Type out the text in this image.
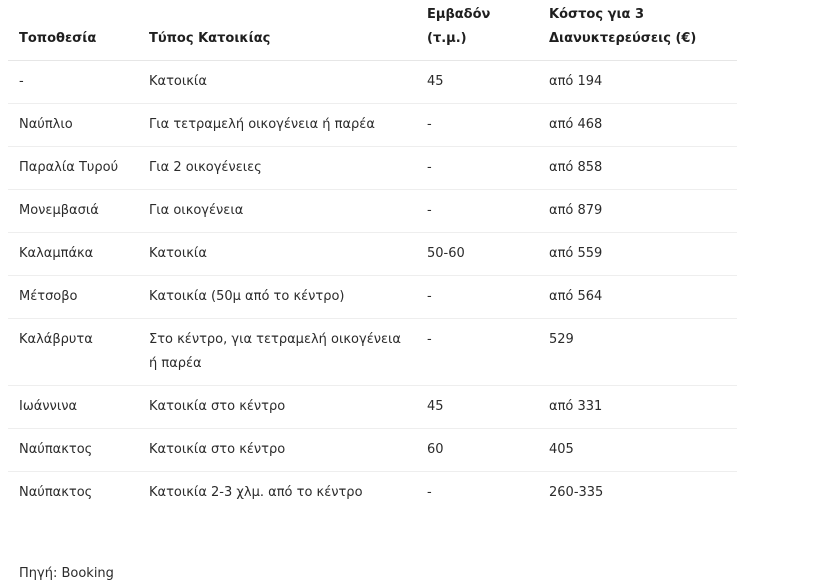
Τοποθεσία	Τύπος Κατοικίας	Εμβαδόν (τ.μ.)	Κόστος για 3 Διανυκτερεύσεις (€)
-	Κατοικία	45	από 194
Ναύπλιο	Για τετραμελή οικογένεια ή παρέα	-	από 468
Παραλία Τυρού	Για 2 οικογένειες	-	από 858
Μονεμβασιά	Για οικογένεια	-	από 879
Καλαμπάκα	Κατοικία	50-60	από 559
Μέτσοβο	Κατοικία (50μ από το κέντρο)	-	από 564
Καλάβρυτα	Στο κέντρο, για τετραμελή οικογένεια ή παρέα	-	529
Ιωάννινα	Κατοικία στο κέντρο	45	από 331
Ναύπακτος	Κατοικία στο κέντρο	60	405
Ναύπακτος	Κατοικία 2-3 χλμ. από το κέντρο	-	260-335
Πηγή: Booking
